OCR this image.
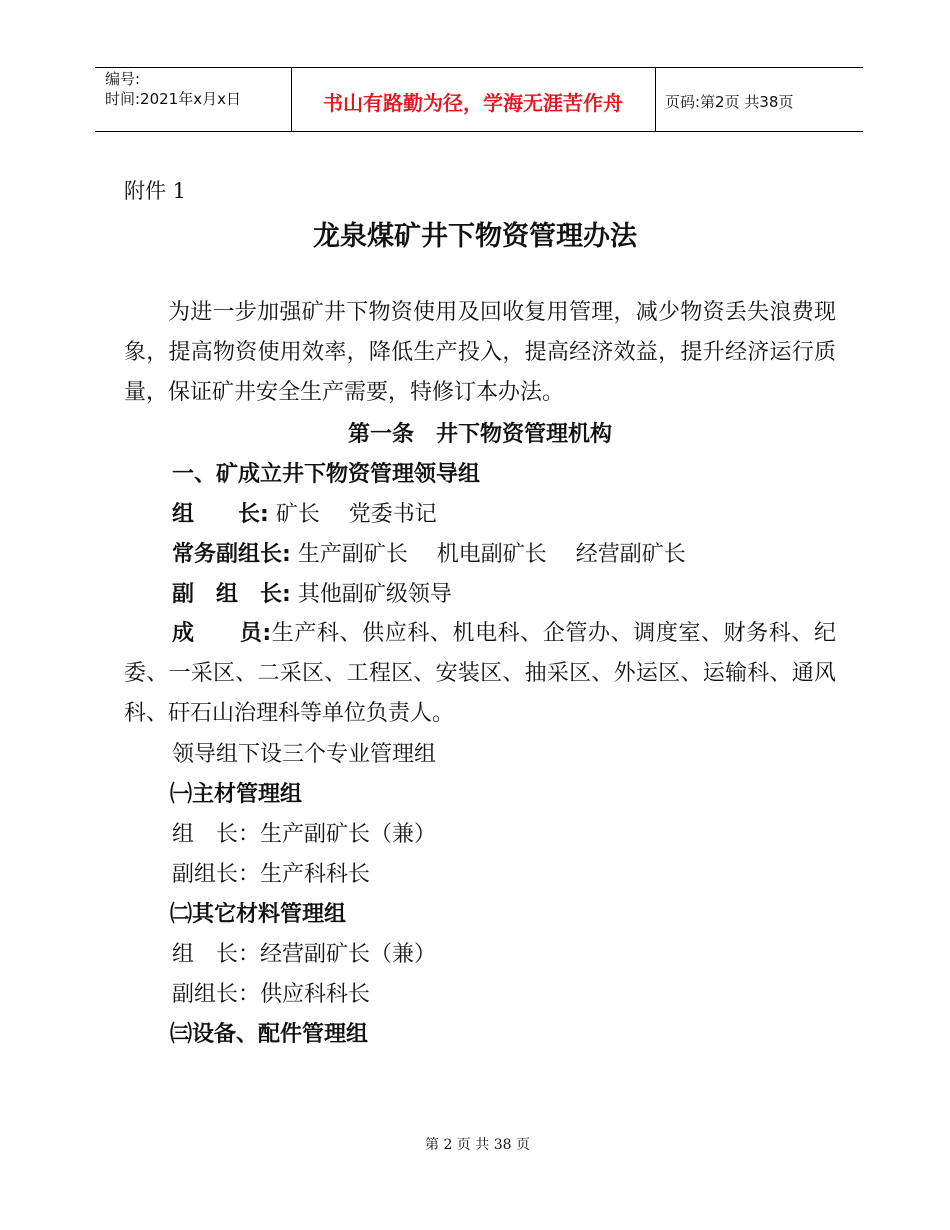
编号:
时间:2021年x月x日	书山有路勤为径，学海无涯苦作舟	页码:第2页 共38页
附件 1
龙泉煤矿井下物资管理办法
为进一步加强矿井下物资使用及回收复用管理，减少物资丢失浪费现象，提高物资使用效率，降低生产投入，提高经济效益，提升经济运行质量，保证矿井安全生产需要，特修订本办法。
第一条　井下物资管理机构
一、矿成立井下物资管理领导组
组　　长: 矿长　 党委书记
常务副组长: 生产副矿长　 机电副矿长　 经营副矿长
副　组　长: 其他副矿级领导
成　　员:生产科、供应科、机电科、企管办、调度室、财务科、纪委、一采区、二采区、工程区、安装区、抽采区、外运区、运输科、通风科、矸石山治理科等单位负责人。
领导组下设三个专业管理组
㈠主材管理组
组　长：生产副矿长（兼）
副组长：生产科科长
㈡其它材料管理组
组　长：经营副矿长（兼）
副组长：供应科科长
㈢设备、配件管理组
第 2 页 共 38 页
